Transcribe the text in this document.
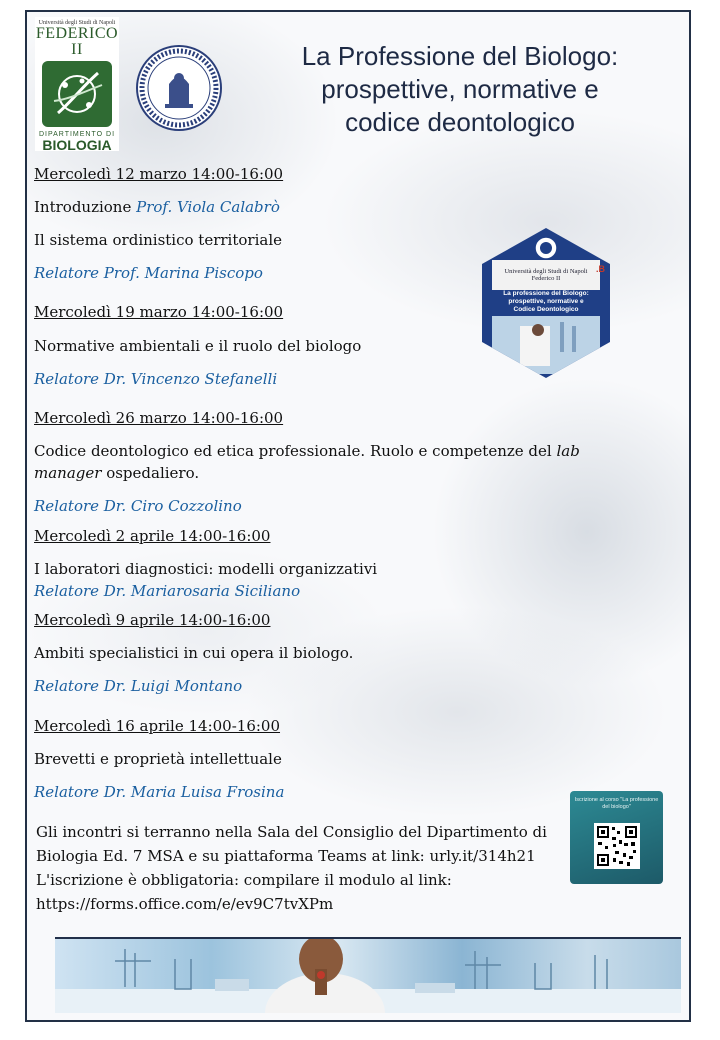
Università degli Studi di Napoli
FEDERICO II
DIPARTIMENTO DI
BIOLOGIA
La Professione del Biologo:
prospettive, normative e
codice deontologico
Mercoledì 12 marzo 14:00-16:00
Introduzione Prof. Viola Calabrò
Il sistema ordinistico territoriale
Relatore Prof. Marina Piscopo
Mercoledì 19 marzo 14:00-16:00
Normative ambientali e il ruolo del biologo
Relatore Dr. Vincenzo Stefanelli
Mercoledì 26 marzo 14:00-16:00
Codice deontologico ed etica professionale. Ruolo e competenze del lab
manager ospedaliero.
Relatore Dr. Ciro Cozzolino
Mercoledì 2 aprile 14:00-16:00
I laboratori diagnostici: modelli organizzativi
Relatore Dr. Mariarosaria Siciliano
Mercoledì 9 aprile 14:00-16:00
Ambiti specialistici in cui opera il biologo.
Relatore Dr. Luigi Montano
Mercoledì 16 aprile 14:00-16:00
Brevetti e proprietà intellettuale
Relatore Dr. Maria Luisa Frosina
.B
Università degli Studi di Napoli Federico II
La professione del Biologo: prospettive, normative e Codice Deontologico
Iscrizione al corso "La professione del biologo"
Gli incontri si terranno nella Sala del Consiglio del Dipartimento di
Biologia Ed. 7 MSA e su piattaforma Teams at link: urly.it/314h21
L'iscrizione è obbligatoria: compilare il modulo al link:
https://forms.office.com/e/ev9C7tvXPm
